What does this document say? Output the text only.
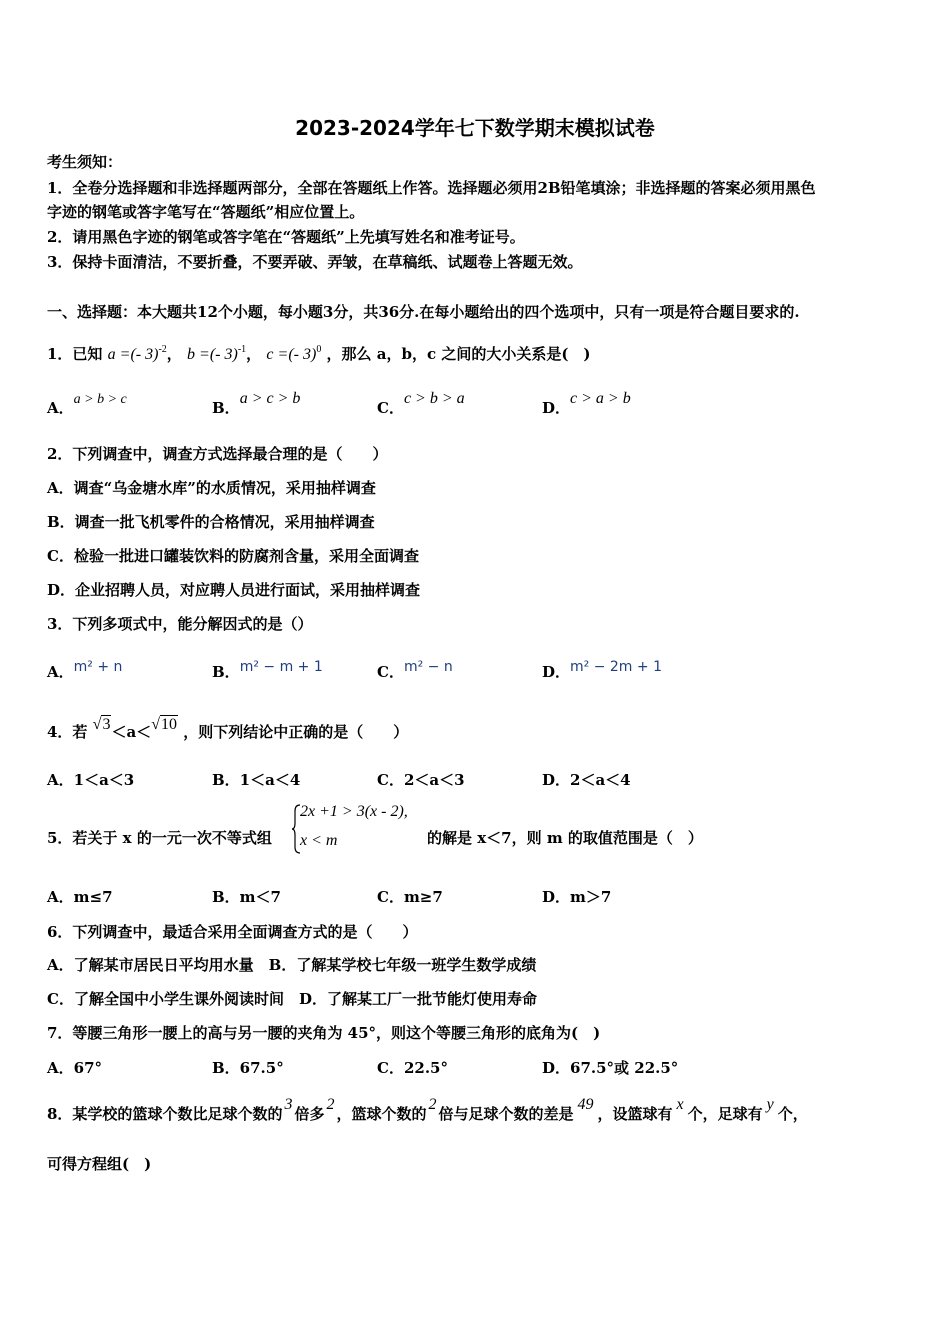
2023-2024学年七下数学期末模拟试卷
考生须知：
1．全卷分选择题和非选择题两部分，全部在答题纸上作答。选择题必须用2B铅笔填涂；非选择题的答案必须用黑色
字迹的钢笔或答字笔写在“答题纸”相应位置上。
2．请用黑色字迹的钢笔或答字笔在“答题纸”上先填写姓名和准考证号。
3．保持卡面清洁，不要折叠，不要弄破、弄皱，在草稿纸、试题卷上答题无效。
一、选择题：本大题共12个小题，每小题3分，共36分.在每小题给出的四个选项中，只有一项是符合题目要求的.
1．已知 a =(- 3)$^{-2}$， b =(- 3)$^{-1}$， c =(- 3)$^0$ ，那么 a，b，c 之间的大小关系是(　)
A．a > b > c	B．a > c > b
C．c > b > a
D．c > a > b
2．下列调查中，调查方式选择最合理的是（　　）
A．调查“乌金塘水库”的水质情况，采用抽样调查
B．调查一批飞机零件的合格情况，采用抽样调查
C．检验一批进口罐装饮料的防腐剂含量，采用全面调查
D．企业招聘人员，对应聘人员进行面试，采用抽样调查
3．下列多项式中，能分解因式的是（）
A．m² + n	B．m² − m + 1	C．m² − n	D．m² − 2m + 1
4．若 √3＜a＜√10 ，则下列结论中正确的是（　　）
A．1＜a＜3	B．1＜a＜4	C．2＜a＜3	D．2＜a＜4
5．若关于 x 的一元一次不等式组
2x +1 > 3(x - 2),
x < m	的解是 x＜7，则 m 的取值范围是（　）
A．m≤7	B．m＜7	C．m≥7	D．m＞7
6．下列调查中，最适合采用全面调查方式的是（　　）
A．了解某市居民日平均用水量　B．了解某学校七年级一班学生数学成绩
C．了解全国中小学生课外阅读时间　D．了解某工厂一批节能灯使用寿命
7．等腰三角形一腰上的高与另一腰的夹角为 45°，则这个等腰三角形的底角为(　)
A．67°	B．67.5°	C．22.5°	D．67.5°或 22.5°
8．某学校的篮球个数比足球个数的3倍多2，篮球个数的2倍与足球个数的差是49，设篮球有x个，足球有y个，
可得方程组(　)
